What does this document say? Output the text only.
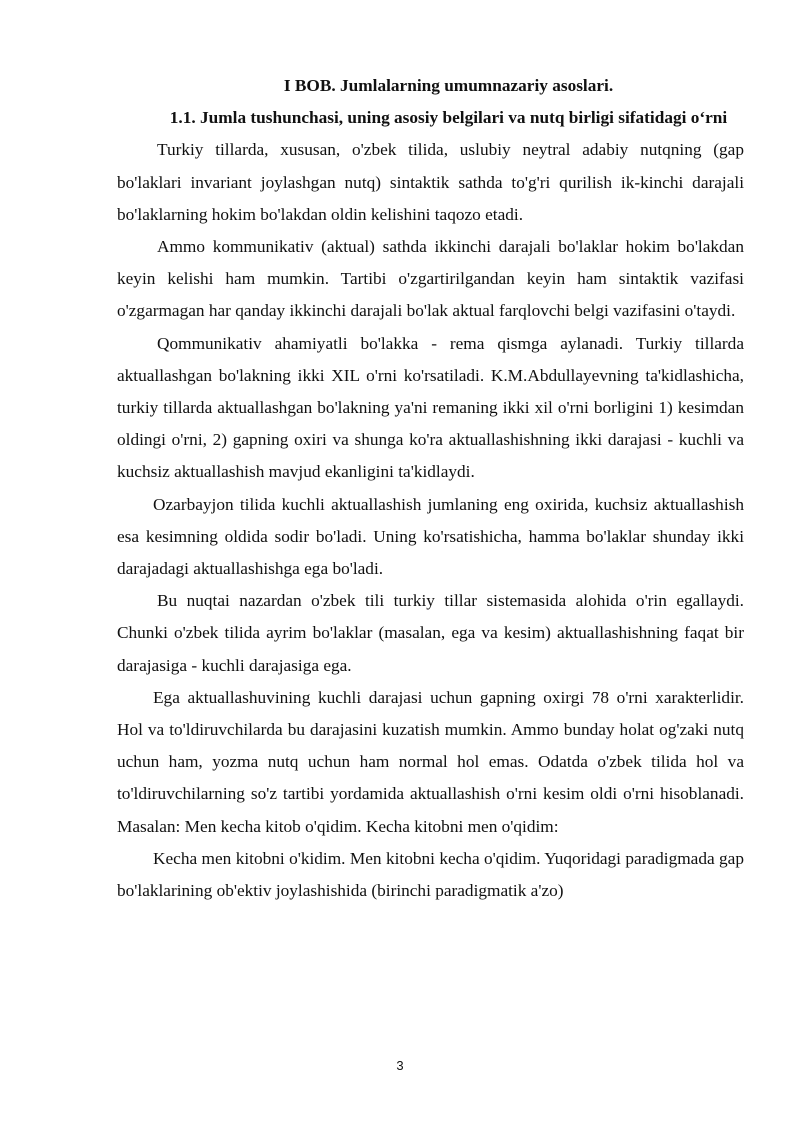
I BOB. Jumlalarning umumnazariy asoslari.
1.1. Jumla tushunchasi, uning asosiy belgilari va nutq birligi sifatidagi o‘rni

Turkiy tillarda, xususan, o'zbek tilida, uslubiy neytral adabiy nutqning (gap bo'laklari invariant joylashgan nutq) sintaktik sathda to'g'ri qurilish ik-kinchi darajali bo'laklarning hokim bo'lakdan oldin kelishini taqozo etadi.

Ammo kommunikativ (aktual) sathda ikkinchi darajali bo'laklar hokim bo'lakdan keyin kelishi ham mumkin. Tartibi o'zgartirilgandan keyin ham sintaktik vazifasi o'zgarmagan har qanday ikkinchi darajali bo'lak aktual farqlovchi belgi vazifasini o'taydi.

Qommunikativ ahamiyatli bo'lakka - rema qismga aylanadi. Turkiy tillarda aktuallashgan bo'lakning ikki XIL o'rni ko'rsatiladi. K.M.Abdullayevning ta'kidlashicha, turkiy tillarda aktuallashgan bo'lakning ya'ni remaning ikki xil o'rni borligini 1) kesimdan oldingi o'rni, 2) gapning oxiri va shunga ko'ra aktuallashishning ikki darajasi - kuchli va kuchsiz aktuallashish mavjud ekanligini ta'kidlaydi.

Ozarbayjon tilida kuchli aktuallashish jumlaning eng oxirida, kuchsiz aktuallashish esa kesimning oldida sodir bo'ladi. Uning ko'rsatishicha, hamma bo'laklar shunday ikki darajadagi aktuallashishga ega bo'ladi.

Bu nuqtai nazardan o'zbek tili turkiy tillar sistemasida alohida o'rin egallaydi. Chunki o'zbek tilida ayrim bo'laklar (masalan, ega va kesim) aktuallashishning faqat bir darajasiga - kuchli darajasiga ega.

Ega aktuallashuvining kuchli darajasi uchun gapning oxirgi 78 o'rni xarakterlidir. Hol va to'ldiruvchilarda bu darajasini kuzatish mumkin. Ammo bunday holat og'zaki nutq uchun ham, yozma nutq uchun ham normal hol emas. Odatda o'zbek tilida hol va to'ldiruvchilarning so'z tartibi yordamida aktuallashish o'rni kesim oldi o'rni hisoblanadi. Masalan: Men kecha kitob o'qidim. Kecha kitobni men o'qidim:

Kecha men kitobni o'kidim. Men kitobni kecha o'qidim. Yuqoridagi paradigmada gap bo'laklarining ob'ektiv joylashishida (birinchi paradigmatik a'zo)

3
